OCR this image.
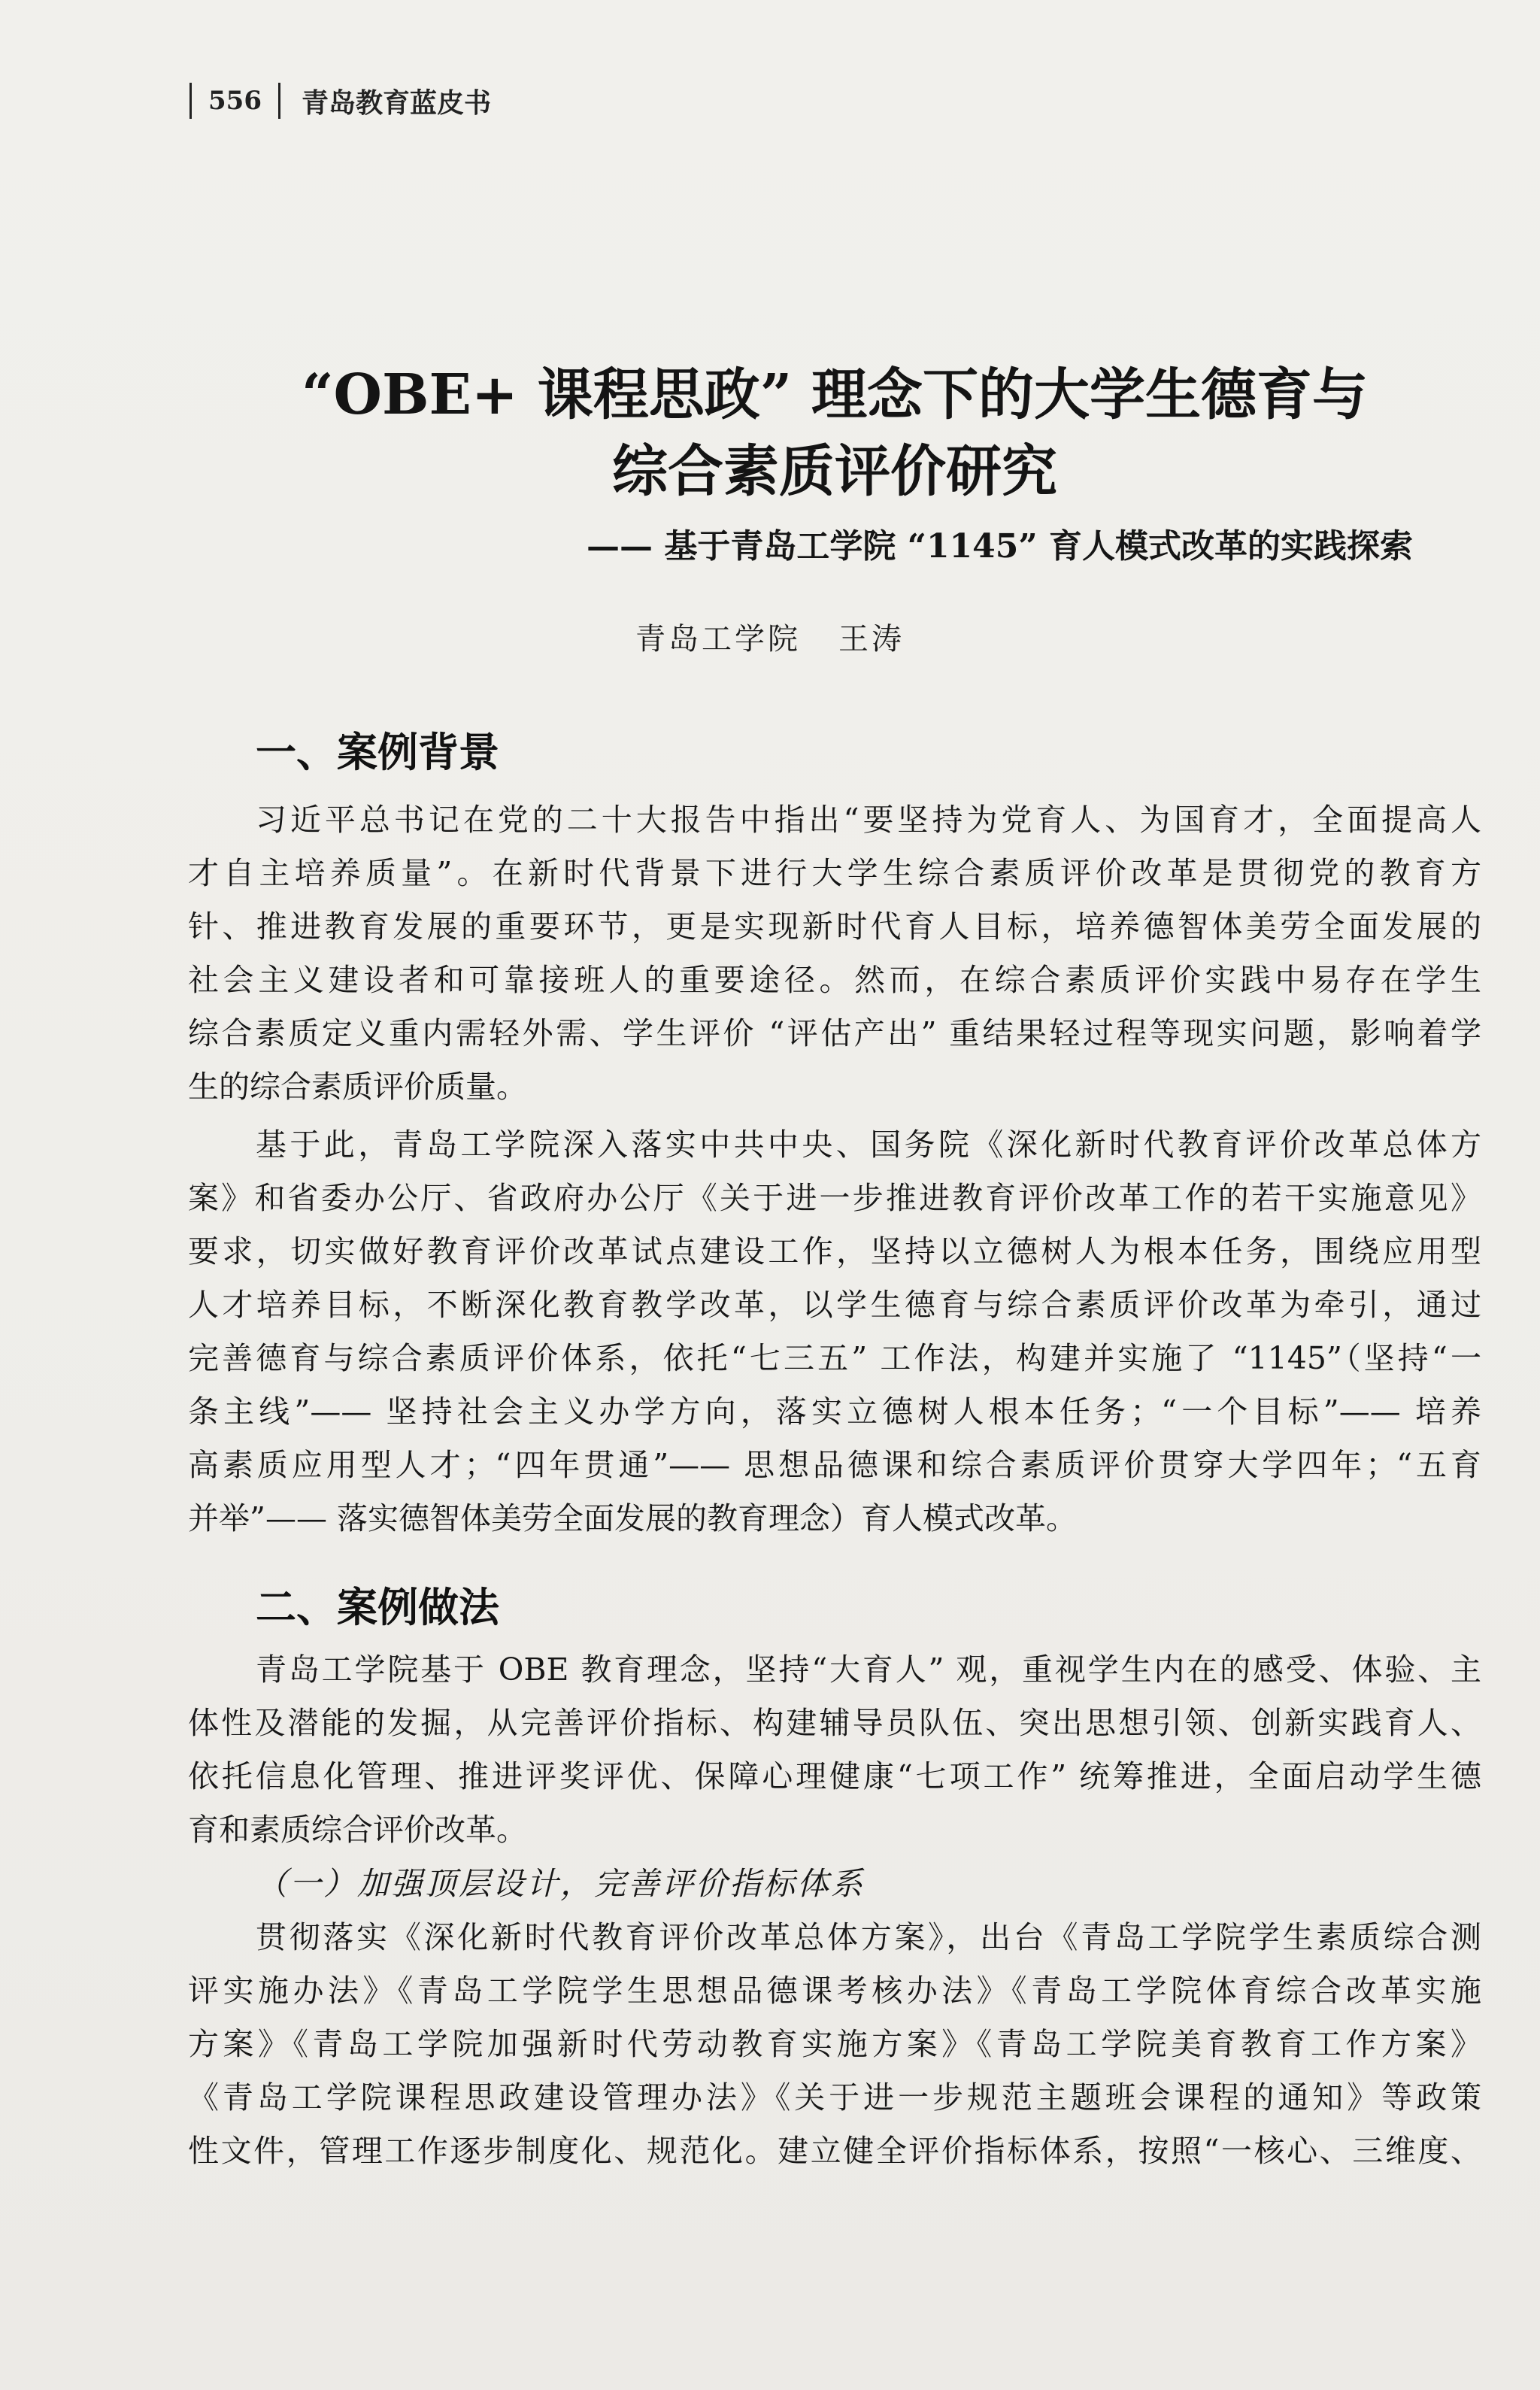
556	青岛教育蓝皮书
“OBE+ 课程思政” 理念下的大学生德育与
综合素质评价研究
—— 基于青岛工学院 “1145” 育人模式改革的实践探索
青岛工学院 王涛
一、案例背景
习近平总书记在党的二十大报告中指出“要坚持为党育人、为国育才，全面提高人
才自主培养质量”。在新时代背景下进行大学生综合素质评价改革是贯彻党的教育方
针、推进教育发展的重要环节，更是实现新时代育人目标，培养德智体美劳全面发展的
社会主义建设者和可靠接班人的重要途径。然而，在综合素质评价实践中易存在学生
综合素质定义重内需轻外需、学生评价 “评估产出” 重结果轻过程等现实问题，影响着学
生的综合素质评价质量。
基于此，青岛工学院深入落实中共中央、国务院《深化新时代教育评价改革总体方
案》和省委办公厅、省政府办公厅《关于进一步推进教育评价改革工作的若干实施意见》
要求，切实做好教育评价改革试点建设工作，坚持以立德树人为根本任务，围绕应用型
人才培养目标，不断深化教育教学改革，以学生德育与综合素质评价改革为牵引，通过
完善德育与综合素质评价体系，依托“七三五” 工作法，构建并实施了 “1145”（坚持“一
条主线”—— 坚持社会主义办学方向，落实立德树人根本任务；“一个目标”—— 培养
高素质应用型人才；“四年贯通”—— 思想品德课和综合素质评价贯穿大学四年；“五育
并举”—— 落实德智体美劳全面发展的教育理念）育人模式改革。
二、案例做法
青岛工学院基于 OBE 教育理念，坚持“大育人” 观，重视学生内在的感受、体验、主
体性及潜能的发掘，从完善评价指标、构建辅导员队伍、突出思想引领、创新实践育人、
依托信息化管理、推进评奖评优、保障心理健康“七项工作” 统筹推进，全面启动学生德
育和素质综合评价改革。
（一）加强顶层设计，完善评价指标体系
贯彻落实《深化新时代教育评价改革总体方案》，出台《青岛工学院学生素质综合测
评实施办法》《青岛工学院学生思想品德课考核办法》《青岛工学院体育综合改革实施
方案》《青岛工学院加强新时代劳动教育实施方案》《青岛工学院美育教育工作方案》
《青岛工学院课程思政建设管理办法》《关于进一步规范主题班会课程的通知》等政策
性文件，管理工作逐步制度化、规范化。建立健全评价指标体系，按照“一核心、三维度、
